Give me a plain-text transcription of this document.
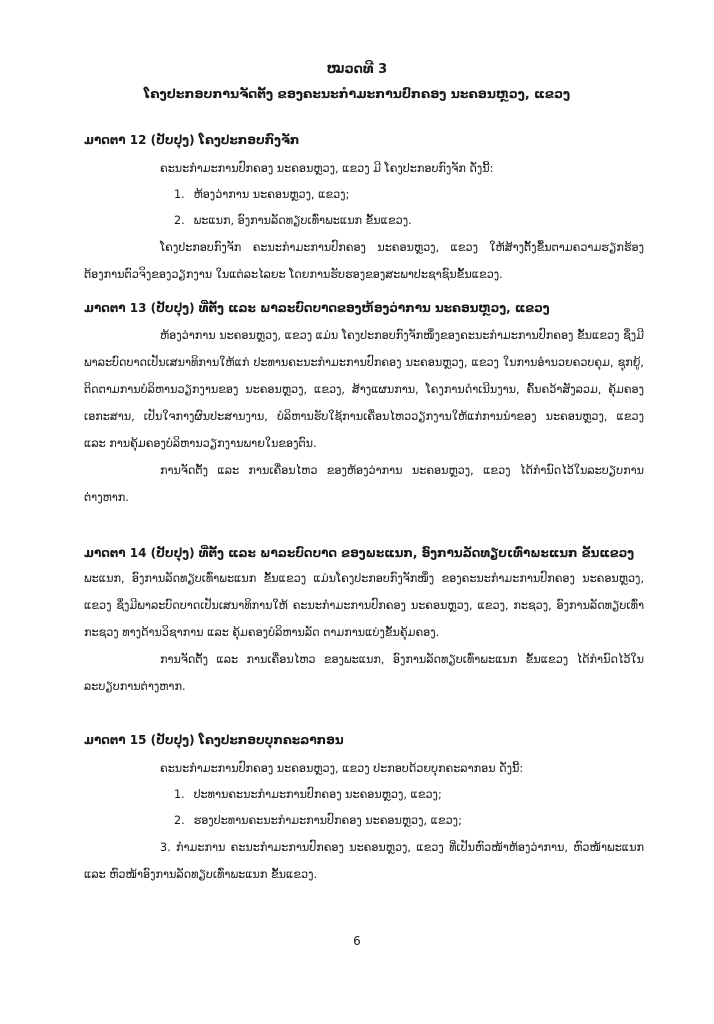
ໝວດທີ 3
ໂຄງປະກອບການຈັດຕັ້ງ ຂອງຄະນະກຳມະການປົກຄອງ ນະຄອນຫຼວງ, ແຂວງ
ມາດຕາ 12 (ປັບປຸງ) ໂຄງປະກອບກົງຈັກ
ຄະນະກຳມະການປົກຄອງ ນະຄອນຫຼວງ, ແຂວງ ມີ ໂຄງປະກອບກົງຈັກ ດັ່ງນີ້:
1. ຫ້ອງວ່າການ ນະຄອນຫຼວງ, ແຂວງ;
2. ພະແນກ, ອົງການລັດທຽບເທົ່າພະແນກ ຂັ້ນແຂວງ.
ໂຄງປະກອບກົງຈັກ ຄະນະກຳມະການປົກຄອງ ນະຄອນຫຼວງ, ແຂວງ ໃຫ້ສ້າງຕັ້ງຂຶ້ນຕາມຄວາມຮຽກຮ້ອງຕ້ອງການຕົວຈິງຂອງວຽກງານ ໃນແຕ່ລະໄລຍະ ໂດຍການຮັບຮອງຂອງສະພາປະຊາຊົນຂັ້ນແຂວງ.
ມາດຕາ 13 (ປັບປຸງ) ທີ່ຕັ້ງ ແລະ ພາລະບົດບາດຂອງຫ້ອງວ່າການ ນະຄອນຫຼວງ, ແຂວງ
ຫ້ອງວ່າການ ນະຄອນຫຼວງ, ແຂວງ ແມ່ນ ໂຄງປະກອບກົງຈັກໜຶ່ງຂອງຄະນະກຳມະການປົກຄອງ ຂັ້ນແຂວງ ຊຶ່ງມີພາລະບົດບາດເປັນເສນາທິການໃຫ້ແກ່ ປະທານຄະນະກຳມະການປົກຄອງ ນະຄອນຫຼວງ, ແຂວງ ໃນການອຳນວຍຄວບຄຸມ, ຊຸກຍູ້, ຕິດຕາມການບໍລິຫານວຽກງານຂອງ ນະຄອນຫຼວງ, ແຂວງ, ສ້າງແຜນການ, ໂຄງການດຳເນີນງານ, ຄົ້ນຄວ້າສັງລວມ, ຄຸ້ມຄອງເອກະສານ, ເປັນໃຈກາງຜົນປະສານງານ, ບໍລິຫານຮັບໃຊ້ການເຄື່ອນໄຫວວຽກງານໃຫ້ແກ່ການນຳຂອງ ນະຄອນຫຼວງ, ແຂວງ ແລະ ການຄຸ້ມຄອງບໍລິຫານວຽກງານພາຍໃນຂອງຕົນ.
ການຈັດຕັ້ງ ແລະ ການເຄື່ອນໄຫວ ຂອງຫ້ອງວ່າການ ນະຄອນຫຼວງ, ແຂວງ ໄດ້ກຳນົດໄວ້ໃນລະບຽບການຕ່າງຫາກ.
ມາດຕາ 14 (ປັບປຸງ) ທີ່ຕັ້ງ ແລະ ພາລະບົດບາດ ຂອງພະແນກ, ອົງການລັດທຽບເທົ່າພະແນກ ຂັ້ນແຂວງ
ພະແນກ, ອົງການລັດທຽບເທົ່າພະແນກ ຂັ້ນແຂວງ ແມ່ນໂຄງປະກອບກົງຈັກໜຶ່ງ ຂອງຄະນະກຳມະການປົກຄອງ ນະຄອນຫຼວງ, ແຂວງ ຊຶ່ງມີພາລະບົດບາດເປັນເສນາທິການໃຫ້ ຄະນະກຳມະການປົກຄອງ ນະຄອນຫຼວງ, ແຂວງ, ກະຊວງ, ອົງການລັດທຽບເທົ່າກະຊວງ ທາງດ້ານວິຊາການ ແລະ ຄຸ້ມຄອງບໍລິຫານລັດ ຕາມການແບ່ງຂັ້ນຄຸ້ມຄອງ.
ການຈັດຕັ້ງ ແລະ ການເຄື່ອນໄຫວ ຂອງພະແນກ, ອົງການລັດທຽບເທົ່າພະແນກ ຂັ້ນແຂວງ ໄດ້ກຳນົດໄວ້ໃນລະບຽບການຕ່າງຫາກ.
ມາດຕາ 15 (ປັບປຸງ) ໂຄງປະກອບບຸກຄະລາກອນ
ຄະນະກຳມະການປົກຄອງ ນະຄອນຫຼວງ, ແຂວງ ປະກອບດ້ວຍບຸກຄະລາກອນ ດັ່ງນີ້:
1. ປະທານຄະນະກຳມະການປົກຄອງ ນະຄອນຫຼວງ, ແຂວງ;
2. ຮອງປະທານຄະນະກຳມະການປົກຄອງ ນະຄອນຫຼວງ, ແຂວງ;
3. ກຳມະການ ຄະນະກຳມະການປົກຄອງ ນະຄອນຫຼວງ, ແຂວງ ທີ່ເປັນຫົວໜ້າຫ້ອງວ່າການ, ຫົວໜ້າພະແນກ ແລະ ຫົວໜ້າອົງການລັດທຽບເທົ່າພະແນກ ຂັ້ນແຂວງ.
6
